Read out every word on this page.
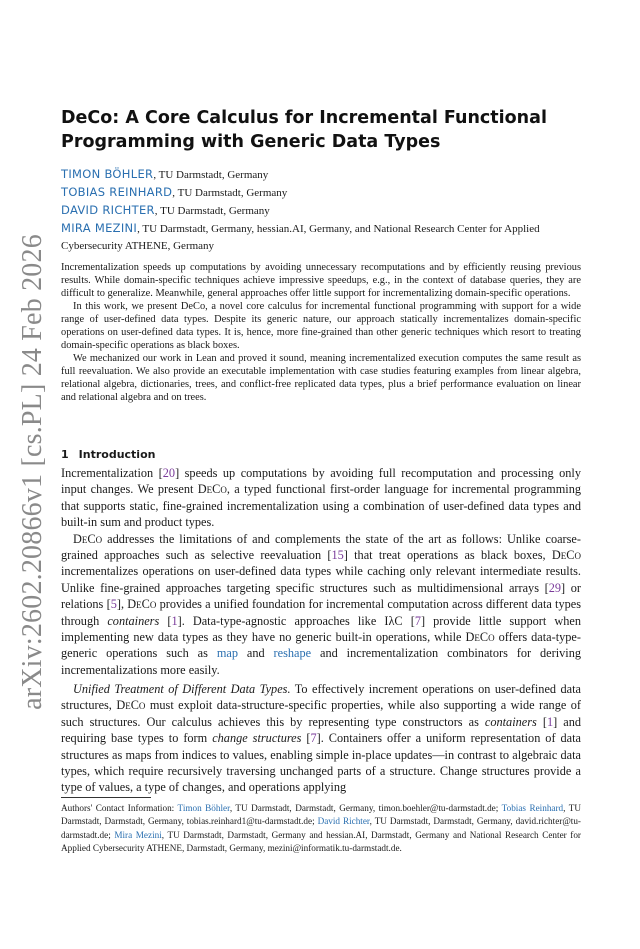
arXiv:2602.20866v1 [cs.PL] 24 Feb 2026
DeCo: A Core Calculus for Incremental Functional Programming with Generic Data Types
TIMON BÖHLER, TU Darmstadt, Germany
TOBIAS REINHARD, TU Darmstadt, Germany
DAVID RICHTER, TU Darmstadt, Germany
MIRA MEZINI, TU Darmstadt, Germany, hessian.AI, Germany, and National Research Center for Applied Cybersecurity ATHENE, Germany

Incrementalization speeds up computations by avoiding unnecessary recomputations and by efficiently reusing previous results. While domain-specific techniques achieve impressive speedups, e.g., in the context of database queries, they are difficult to generalize. Meanwhile, general approaches offer little support for incrementalizing domain-specific operations.

In this work, we present DeCo, a novel core calculus for incremental functional programming with support for a wide range of user-defined data types. Despite its generic nature, our approach statically incrementalizes domain-specific operations on user-defined data types. It is, hence, more fine-grained than other generic techniques which resort to treating domain-specific operations as black boxes.

We mechanized our work in Lean and proved it sound, meaning incrementalized execution computes the same result as full reevaluation. We also provide an executable implementation with case studies featuring examples from linear algebra, relational algebra, dictionaries, trees, and conflict-free replicated data types, plus a brief performance evaluation on linear and relational algebra and on trees.

1 Introduction

Incrementalization [20] speeds up computations by avoiding full recomputation and processing only input changes. We present DeCo, a typed functional first-order language for incremental programming that supports static, fine-grained incrementalization using a combination of user-defined data types and built-in sum and product types.

DeCo addresses the limitations of and complements the state of the art as follows: Unlike coarse-grained approaches such as selective reevaluation [15] that treat operations as black boxes, DeCo incrementalizes operations on user-defined data types while caching only relevant intermediate results. Unlike fine-grained approaches targeting specific structures such as multidimensional arrays [29] or relations [5], DeCo provides a unified foundation for incremental computation across different data types through containers [1]. Data-type-agnostic approaches like IλC [7] provide little support when implementing new data types as they have no generic built-in operations, while DeCo offers data-type-generic operations such as map and reshape and incrementalization combinators for deriving incrementalizations more easily.

Unified Treatment of Different Data Types. To effectively increment operations on user-defined data structures, DeCo must exploit data-structure-specific properties, while also supporting a wide range of such structures. Our calculus achieves this by representing type constructors as containers [1] and requiring base types to form change structures [7]. Containers offer a uniform representation of data structures as maps from indices to values, enabling simple in-place updates—in contrast to algebraic data types, which require recursively traversing unchanged parts of a structure. Change structures provide a type of values, a type of changes, and operations applying
Authors' Contact Information: Timon Böhler, TU Darmstadt, Darmstadt, Germany, timon.boehler@tu-darmstadt.de; Tobias Reinhard, TU Darmstadt, Darmstadt, Germany, tobias.reinhard1@tu-darmstadt.de; David Richter, TU Darmstadt, Darmstadt, Germany, david.richter@tu-darmstadt.de; Mira Mezini, TU Darmstadt, Darmstadt, Germany and hessian.AI, Darmstadt, Germany and National Research Center for Applied Cybersecurity ATHENE, Darmstadt, Germany, mezini@informatik.tu-darmstadt.de.
